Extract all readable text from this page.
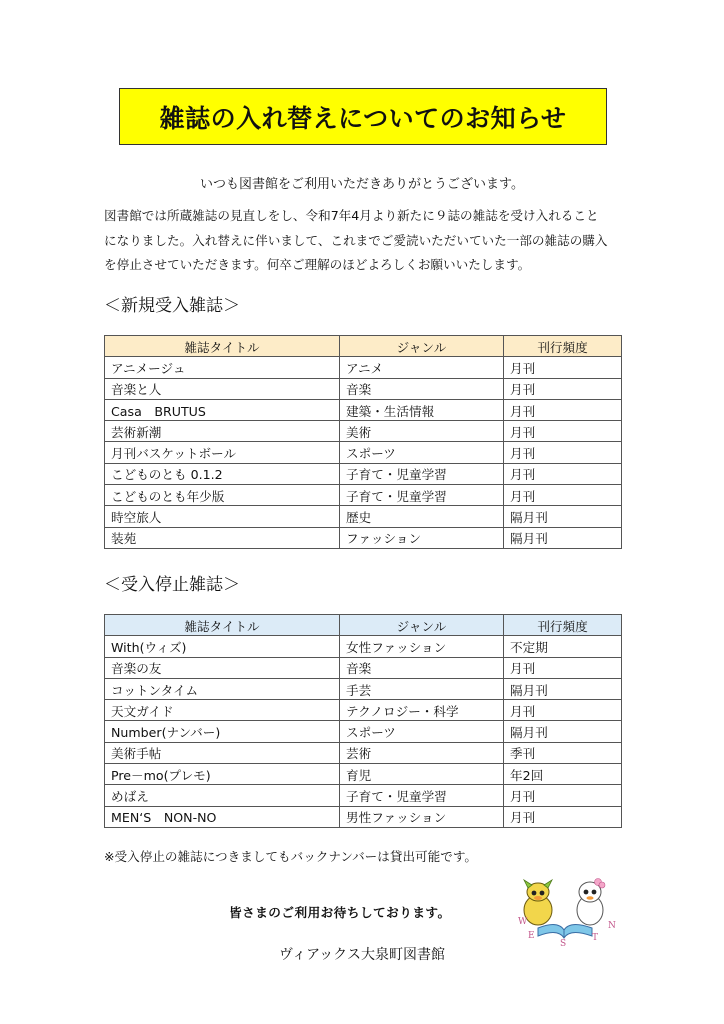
雑誌の入れ替えについてのお知らせ
いつも図書館をご利用いただきありがとうございます。
図書館では所蔵雑誌の見直しをし、令和7年4月より新たに９誌の雑誌を受け入れること
になりました。入れ替えに伴いまして、これまでご愛読いただいていた一部の雑誌の購入
を停止させていただきます。何卒ご理解のほどよろしくお願いいたします。
＜新規受入雑誌＞
雑誌タイトル	ジャンル	刊行頻度
アニメージュ	アニメ	月刊
音楽と人	音楽	月刊
Casa　BRUTUS	建築・生活情報	月刊
芸術新潮	美術	月刊
月刊バスケットボール	スポーツ	月刊
こどものとも 0.1.2	子育て・児童学習	月刊
こどものとも年少版	子育て・児童学習	月刊
時空旅人	歴史	隔月刊
装苑	ファッション	隔月刊
＜受入停止雑誌＞
雑誌タイトル	ジャンル	刊行頻度
With(ウィズ)	女性ファッション	不定期
音楽の友	音楽	月刊
コットンタイム	手芸	隔月刊
天文ガイド	テクノロジー・科学	月刊
Number(ナンバー)	スポーツ	隔月刊
美術手帖	芸術	季刊
Pre－mo(プレモ)	育児	年2回
めばえ	子育て・児童学習	月刊
MEN‘S　NON-NO	男性ファッション	月刊
※受入停止の雑誌につきましてもバックナンバーは貸出可能です。
皆さまのご利用お待ちしております。
W
E
S
T
N
ヴィアックス大泉町図書館
